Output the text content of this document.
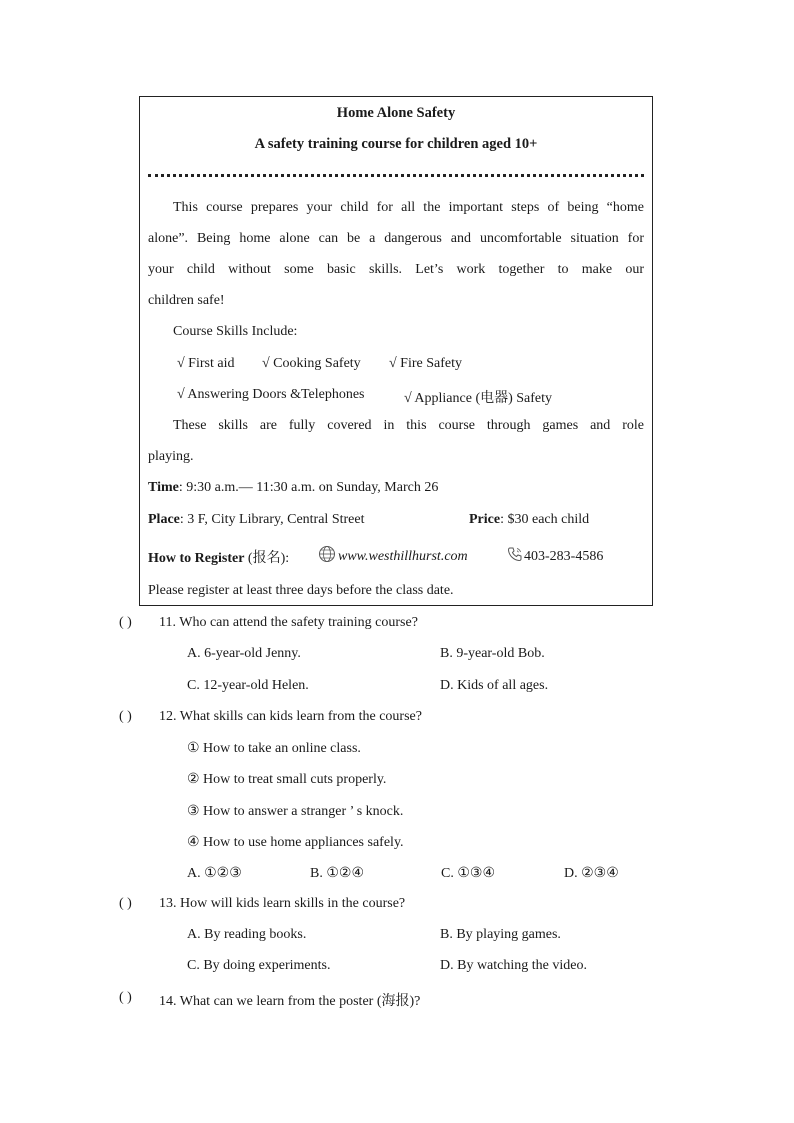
Home Alone Safety
A safety training course for children aged 10+
This course prepares your child for all the important steps of being “home
alone”. Being home alone can be a dangerous and uncomfortable situation for
your child without some basic skills. Let’s work together to make our
children safe!
Course Skills Include:
√ First aid √ Cooking Safety √ Fire Safety
√ Answering Doors &Telephones	√ Appliance (电器) Safety
These skills are fully covered in this course through games and role
playing.
Time: 9:30 a.m.— 11:30 a.m. on Sunday, March 26
Place: 3 F, City Library, Central Street	Price: $30 each child
How to Register (报名):	www.westhillhurst.com	403-283-4586
Please register at least three days before the class date.
( ) 11. Who can attend the safety training course?
A. 6-year-old Jenny.	B. 9-year-old Bob.
C. 12-year-old Helen.	D. Kids of all ages.
( ) 12. What skills can kids learn from the course?
① How to take an online class.
② How to treat small cuts properly.
③ How to answer a stranger ’ s knock.
④ How to use home appliances safely.
A. ①②③	B. ①②④	C. ①③④	D. ②③④
( ) 13. How will kids learn skills in the course?
A. By reading books.	B. By playing games.
C. By doing experiments.	D. By watching the video.
( ) 14. What can we learn from the poster (海报)?
